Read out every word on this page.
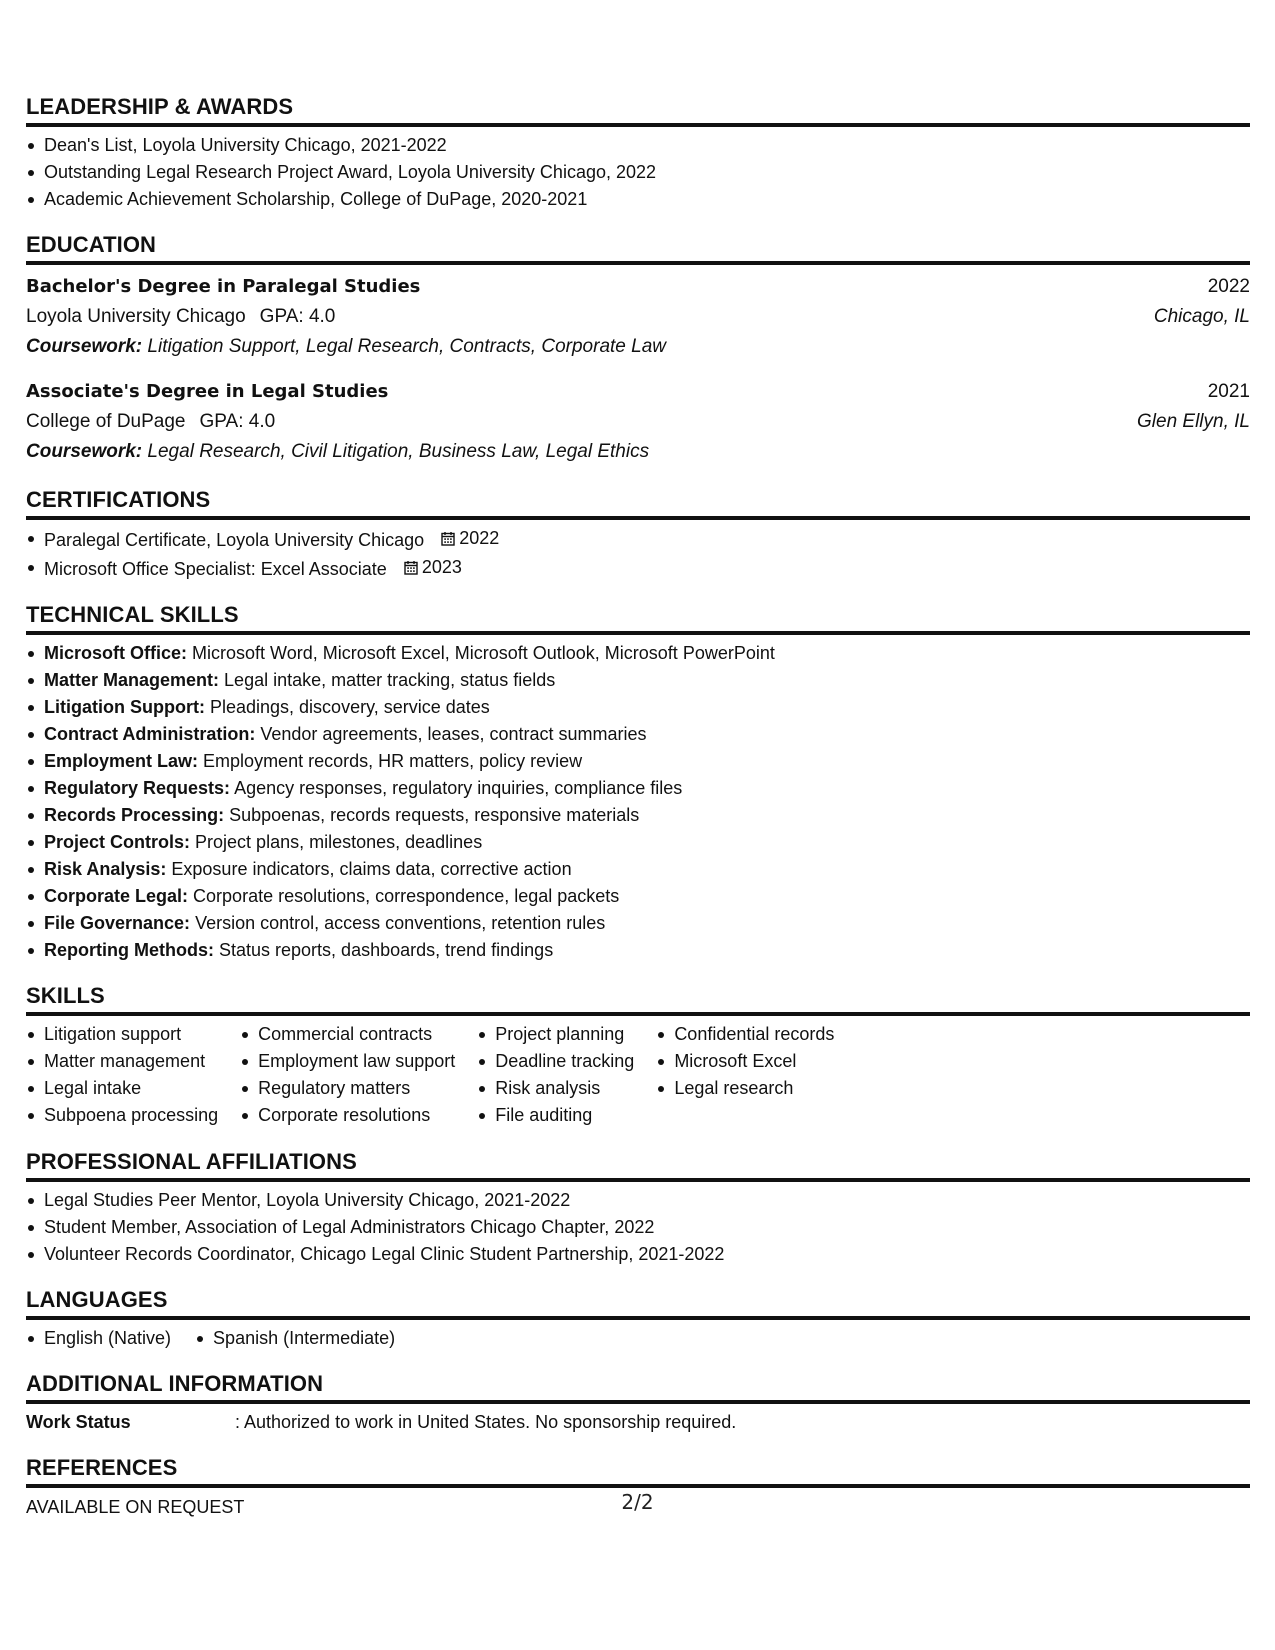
LEADERSHIP & AWARDS
Dean's List, Loyola University Chicago, 2021-2022
Outstanding Legal Research Project Award, Loyola University Chicago, 2022
Academic Achievement Scholarship, College of DuPage, 2020-2021
EDUCATION
Bachelor's Degree in Paralegal Studies	2022
Loyola University Chicago GPA: 4.0	Chicago, IL
Coursework: Litigation Support, Legal Research, Contracts, Corporate Law
Associate's Degree in Legal Studies	2021
College of DuPage GPA: 4.0	Glen Ellyn, IL
Coursework: Legal Research, Civil Litigation, Business Law, Legal Ethics
CERTIFICATIONS
Paralegal Certificate, Loyola University Chicago 2022
Microsoft Office Specialist: Excel Associate 2023
TECHNICAL SKILLS
Microsoft Office: Microsoft Word, Microsoft Excel, Microsoft Outlook, Microsoft PowerPoint
Matter Management: Legal intake, matter tracking, status fields
Litigation Support: Pleadings, discovery, service dates
Contract Administration: Vendor agreements, leases, contract summaries
Employment Law: Employment records, HR matters, policy review
Regulatory Requests: Agency responses, regulatory inquiries, compliance files
Records Processing: Subpoenas, records requests, responsive materials
Project Controls: Project plans, milestones, deadlines
Risk Analysis: Exposure indicators, claims data, corrective action
Corporate Legal: Corporate resolutions, correspondence, legal packets
File Governance: Version control, access conventions, retention rules
Reporting Methods: Status reports, dashboards, trend findings
SKILLS
Litigation support
Matter management
Legal intake
Subpoena processing
Commercial contracts
Employment law support
Regulatory matters
Corporate resolutions
Project planning
Deadline tracking
Risk analysis
File auditing
Confidential records
Microsoft Excel
Legal research
PROFESSIONAL AFFILIATIONS
Legal Studies Peer Mentor, Loyola University Chicago, 2021-2022
Student Member, Association of Legal Administrators Chicago Chapter, 2022
Volunteer Records Coordinator, Chicago Legal Clinic Student Partnership, 2021-2022
LANGUAGES
English (Native)	Spanish (Intermediate)
ADDITIONAL INFORMATION
Work Status	: Authorized to work in United States. No sponsorship required.
REFERENCES
AVAILABLE ON REQUEST	2/2
